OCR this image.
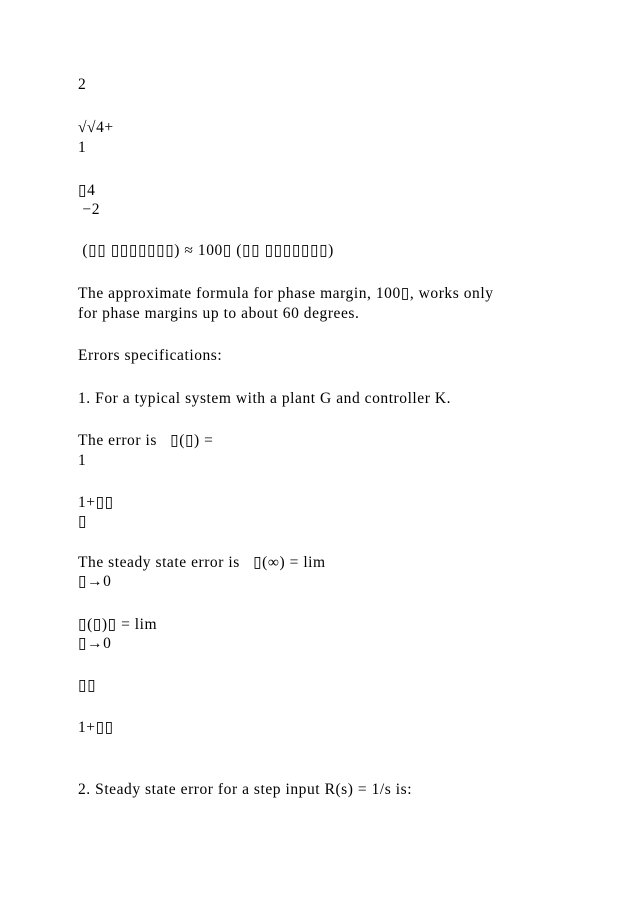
2
√√4+
1
▯4
−2
(▯▯ ▯▯▯▯▯▯▯) ≈ 100▯ (▯▯ ▯▯▯▯▯▯▯)
The approximate formula for phase margin, 100▯, works only
for phase margins up to about 60 degrees.
Errors specifications:
1. For a typical system with a plant G and controller K.
The error is   ▯(▯) =
1
1+▯▯
▯
The steady state error is   ▯(∞) = lim
▯→0
▯(▯)▯ = lim
▯→0
▯▯
1+▯▯
2. Steady state error for a step input R(s) = 1/s is:
